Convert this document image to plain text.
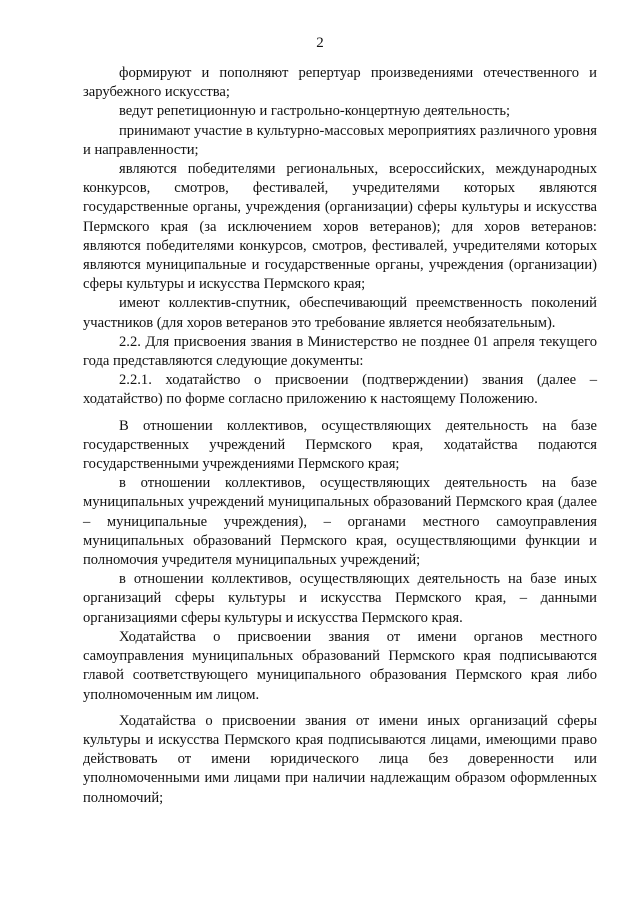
2

формируют и пополняют репертуар произведениями отечественного и зарубежного искусства;

ведут репетиционную и гастрольно-концертную деятельность;

принимают участие в культурно-массовых мероприятиях различного уровня и направленности;

являются победителями региональных, всероссийских, международных конкурсов, смотров, фестивалей, учредителями которых являются государственные органы, учреждения (организации) сферы культуры и искусства Пермского края (за исключением хоров ветеранов); для хоров ветеранов: являются победителями конкурсов, смотров, фестивалей, учредителями которых являются муниципальные и государственные органы, учреждения (организации) сферы культуры и искусства Пермского края;

имеют коллектив-спутник, обеспечивающий преемственность поколений участников (для хоров ветеранов это требование является необязательным).

2.2. Для присвоения звания в Министерство не позднее 01 апреля текущего года представляются следующие документы:

2.2.1. ходатайство о присвоении (подтверждении) звания (далее – ходатайство) по форме согласно приложению к настоящему Положению.

В отношении коллективов, осуществляющих деятельность на базе государственных учреждений Пермского края, ходатайства подаются государственными учреждениями Пермского края;

в отношении коллективов, осуществляющих деятельность на базе муниципальных учреждений муниципальных образований Пермского края (далее – муниципальные учреждения), – органами местного самоуправления муниципальных образований Пермского края, осуществляющими функции и полномочия учредителя муниципальных учреждений;

в отношении коллективов, осуществляющих деятельность на базе иных организаций сферы культуры и искусства Пермского края, – данными организациями сферы культуры и искусства Пермского края.

Ходатайства о присвоении звания от имени органов местного самоуправления муниципальных образований Пермского края подписываются главой соответствующего муниципального образования Пермского края либо уполномоченным им лицом.

Ходатайства о присвоении звания от имени иных организаций сферы культуры и искусства Пермского края подписываются лицами, имеющими право действовать от имени юридического лица без доверенности или уполномоченными ими лицами при наличии надлежащим образом оформленных полномочий;
